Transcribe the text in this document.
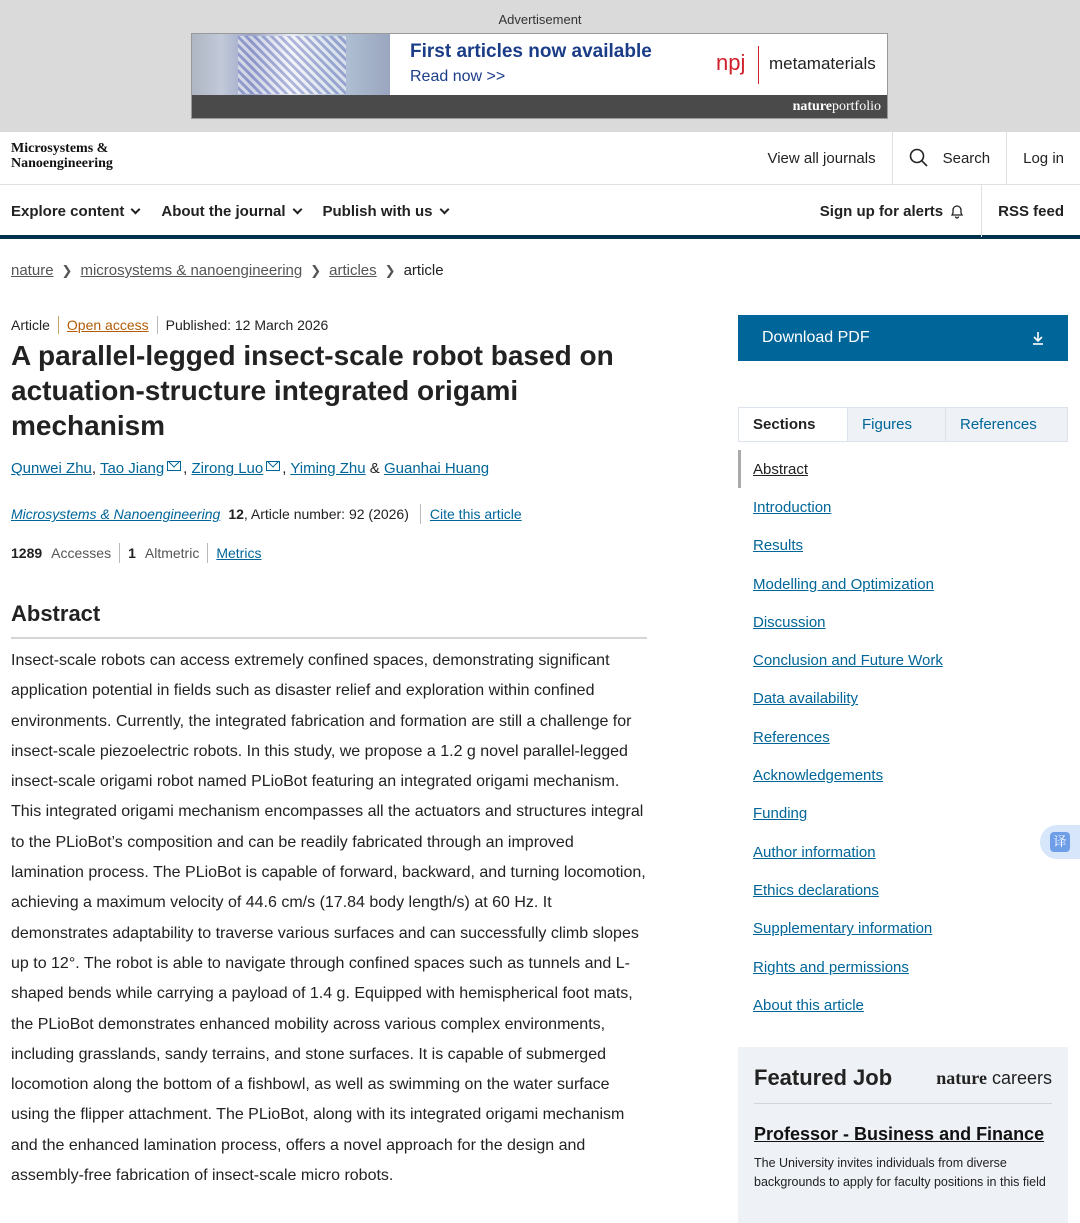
Advertisement
First articles now available
Read now >>
npj metamaterials
natureportfolio
Microsystems &
Nanoengineering	View all journals	Search	Log in
Explore content About the journal Publish with us	Sign up for alerts	RSS feed
nature ❯ microsystems & nanoengineering ❯ articles ❯ article
Article Open access Published: 12 March 2026
A parallel-legged insect-scale robot based on actuation-structure integrated origami mechanism
Qunwei Zhu, Tao Jiang , Zirong Luo , Yiming Zhu & Guanhai Huang
Microsystems & Nanoengineering 12 , Article number: 92 (2026) Cite this article
1289 Accesses 1 Altmetric Metrics
Abstract

Insect-scale robots can access extremely confined spaces, demonstrating significant application potential in fields such as disaster relief and exploration within confined environments. Currently, the integrated fabrication and formation are still a challenge for insect-scale piezoelectric robots. In this study, we propose a 1.2 g novel parallel-legged insect-scale origami robot named PLioBot featuring an integrated origami mechanism. This integrated origami mechanism encompasses all the actuators and structures integral to the PLioBot’s composition and can be readily fabricated through an improved lamination process. The PLioBot is capable of forward, backward, and turning locomotion, achieving a maximum velocity of 44.6 cm/s (17.84 body length/s) at 60 Hz. It demonstrates adaptability to traverse various surfaces and can successfully climb slopes up to 12°. The robot is able to navigate through confined spaces such as tunnels and L-shaped bends while carrying a payload of 1.4 g. Equipped with hemispherical foot mats, the PLioBot demonstrates enhanced mobility across various complex environments, including grasslands, sandy terrains, and stone surfaces. It is capable of submerged locomotion along the bottom of a fishbowl, as well as swimming on the water surface using the flipper attachment. The PLioBot, along with its integrated origami mechanism and the enhanced lamination process, offers a novel approach for the design and assembly-free fabrication of insect-scale micro robots.

Download PDF
Sections	Figures	References
Abstract
Introduction
Results
Modelling and Optimization
Discussion
Conclusion and Future Work
Data availability
References
Acknowledgements
Funding
Author information
Ethics declarations
Supplementary information
Rights and permissions
About this article
Featured Job nature careers
Professor - Business and Finance
The University invites individuals from diverse backgrounds to apply for faculty positions in this field
译
